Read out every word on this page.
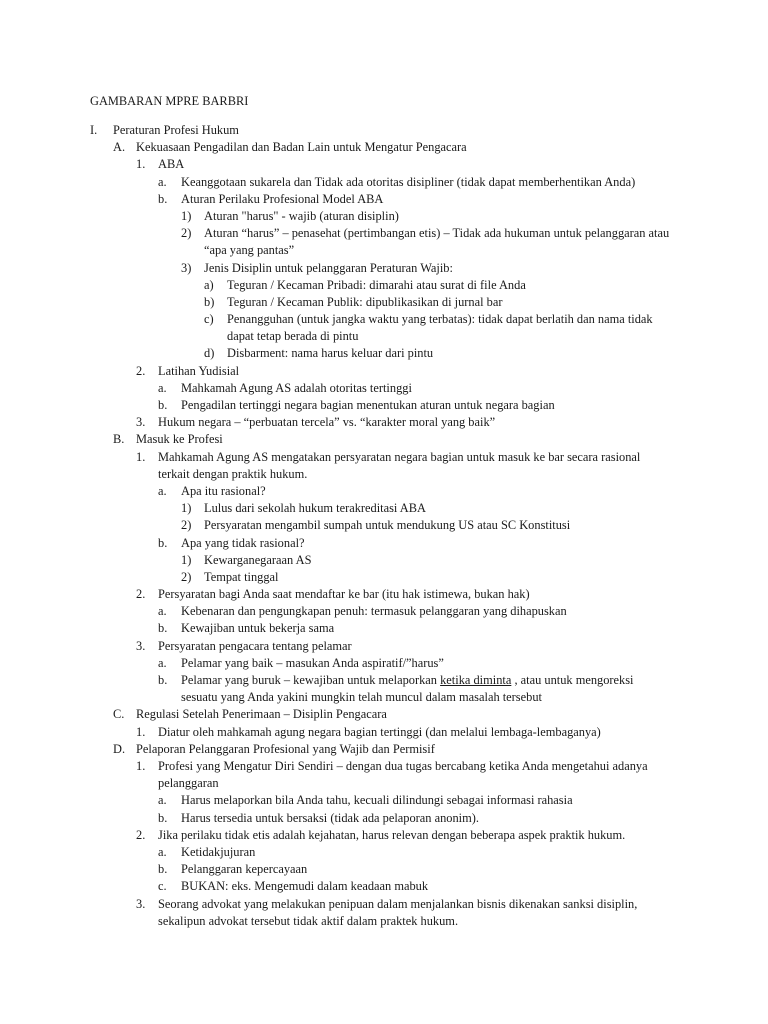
GAMBARAN MPRE BARBRI
I. Peraturan Profesi Hukum
A. Kekuasaan Pengadilan dan Badan Lain untuk Mengatur Pengacara
1. ABA
a. Keanggotaan sukarela dan Tidak ada otoritas disipliner (tidak dapat memberhentikan Anda)
b. Aturan Perilaku Profesional Model ABA
1) Aturan "harus" - wajib (aturan disiplin)
2) Aturan “harus” – penasehat (pertimbangan etis) – Tidak ada hukuman untuk pelanggaran atau
“apa yang pantas”
3) Jenis Disiplin untuk pelanggaran Peraturan Wajib:
a) Teguran / Kecaman Pribadi: dimarahi atau surat di file Anda
b) Teguran / Kecaman Publik: dipublikasikan di jurnal bar
c) Penangguhan (untuk jangka waktu yang terbatas): tidak dapat berlatih dan nama tidak
dapat tetap berada di pintu
d) Disbarment: nama harus keluar dari pintu
2. Latihan Yudisial
a. Mahkamah Agung AS adalah otoritas tertinggi
b. Pengadilan tertinggi negara bagian menentukan aturan untuk negara bagian
3. Hukum negara – “perbuatan tercela” vs. “karakter moral yang baik”
B. Masuk ke Profesi
1. Mahkamah Agung AS mengatakan persyaratan negara bagian untuk masuk ke bar secara rasional
terkait dengan praktik hukum.
a. Apa itu rasional?
1) Lulus dari sekolah hukum terakreditasi ABA
2) Persyaratan mengambil sumpah untuk mendukung US atau SC Konstitusi
b. Apa yang tidak rasional?
1) Kewarganegaraan AS
2) Tempat tinggal
2. Persyaratan bagi Anda saat mendaftar ke bar (itu hak istimewa, bukan hak)
a. Kebenaran dan pengungkapan penuh: termasuk pelanggaran yang dihapuskan
b. Kewajiban untuk bekerja sama
3. Persyaratan pengacara tentang pelamar
a. Pelamar yang baik – masukan Anda aspiratif/”harus”
b. Pelamar yang buruk – kewajiban untuk melaporkan ketika diminta , atau untuk mengoreksi
sesuatu yang Anda yakini mungkin telah muncul dalam masalah tersebut
C. Regulasi Setelah Penerimaan – Disiplin Pengacara
1. Diatur oleh mahkamah agung negara bagian tertinggi (dan melalui lembaga-lembaganya)
D. Pelaporan Pelanggaran Profesional yang Wajib dan Permisif
1. Profesi yang Mengatur Diri Sendiri – dengan dua tugas bercabang ketika Anda mengetahui adanya
pelanggaran
a. Harus melaporkan bila Anda tahu, kecuali dilindungi sebagai informasi rahasia
b. Harus tersedia untuk bersaksi (tidak ada pelaporan anonim).
2. Jika perilaku tidak etis adalah kejahatan, harus relevan dengan beberapa aspek praktik hukum.
a. Ketidakjujuran
b. Pelanggaran kepercayaan
c. BUKAN: eks. Mengemudi dalam keadaan mabuk
3. Seorang advokat yang melakukan penipuan dalam menjalankan bisnis dikenakan sanksi disiplin,
sekalipun advokat tersebut tidak aktif dalam praktek hukum.
